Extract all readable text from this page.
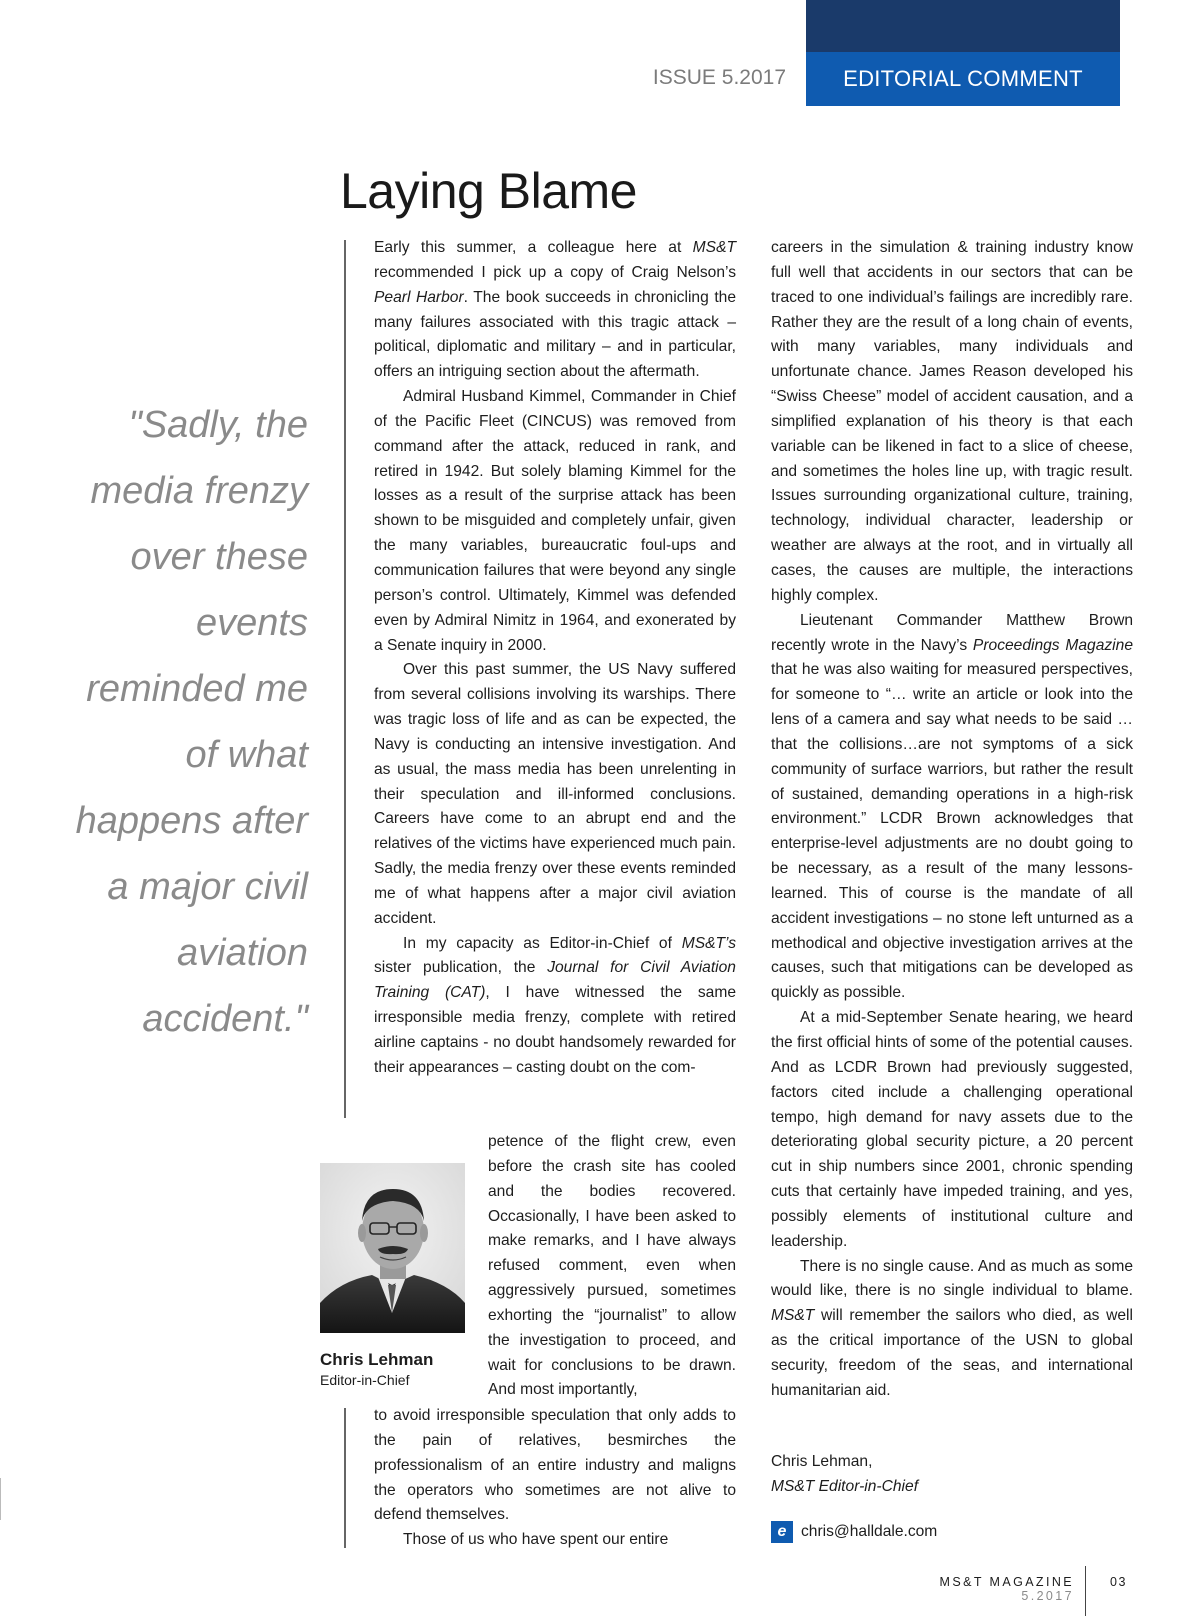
EDITORIAL COMMENT
ISSUE 5.2017
Laying Blame
"Sadly, the media frenzy over these events reminded me of what happens after a major civil aviation accident."

Early this summer, a colleague here at MS&T recommended I pick up a copy of Craig Nelson’s Pearl Harbor. The book succeeds in chronicling the many failures associated with this tragic attack – political, diplomatic and military – and in particular, offers an intriguing section about the aftermath.

Admiral Husband Kimmel, Commander in Chief of the Pacific Fleet (CINCUS) was removed from command after the attack, reduced in rank, and retired in 1942. But solely blaming Kimmel for the losses as a result of the surprise attack has been shown to be misguided and completely unfair, given the many variables, bureaucratic foul-ups and communication failures that were beyond any single person’s control. Ultimately, Kimmel was defended even by Admiral Nimitz in 1964, and exonerated by a Senate inquiry in 2000.

Over this past summer, the US Navy suffered from several collisions involving its warships. There was tragic loss of life and as can be expected, the Navy is conducting an intensive investigation. And as usual, the mass media has been unrelenting in their speculation and ill-informed conclusions. Careers have come to an abrupt end and the relatives of the victims have experienced much pain. Sadly, the media frenzy over these events reminded me of what happens after a major civil aviation accident.

In my capacity as Editor-in-Chief of MS&T’s sister publication, the Journal for Civil Aviation Training (CAT), I have witnessed the same irresponsible media frenzy, complete with retired airline captains - no doubt handsomely rewarded for their appearances – casting doubt on the com-

petence of the flight crew, even before the crash site has cooled and the bodies recovered. Occasionally, I have been asked to make remarks, and I have always refused comment, even when aggressively pursued, sometimes exhorting the “journalist” to allow the investigation to proceed, and wait for conclusions to be drawn. And most importantly,

Chris Lehman
Editor-in-Chief

to avoid irresponsible speculation that only adds to the pain of relatives, besmirches the professionalism of an entire industry and maligns the operators who sometimes are not alive to defend themselves.

Those of us who have spent our entire

careers in the simulation & training industry know full well that accidents in our sectors that can be traced to one individual’s failings are incredibly rare. Rather they are the result of a long chain of events, with many variables, many individuals and unfortunate chance. James Reason developed his “Swiss Cheese” model of accident causation, and a simplified explanation of his theory is that each variable can be likened in fact to a slice of cheese, and sometimes the holes line up, with tragic result. Issues surrounding organizational culture, training, technology, individual character, leadership or weather are always at the root, and in virtually all cases, the causes are multiple, the interactions highly complex.

Lieutenant Commander Matthew Brown recently wrote in the Navy’s Proceedings Magazine that he was also waiting for measured perspectives, for someone to “… write an article or look into the lens of a camera and say what needs to be said …that the collisions…are not symptoms of a sick community of surface warriors, but rather the result of sustained, demanding operations in a high-risk environment.” LCDR Brown acknowledges that enterprise-level adjustments are no doubt going to be necessary, as a result of the many lessons-learned. This of course is the mandate of all accident investigations – no stone left unturned as a methodical and objective investigation arrives at the causes, such that mitigations can be developed as quickly as possible.

At a mid-September Senate hearing, we heard the first official hints of some of the potential causes. And as LCDR Brown had previously suggested, factors cited include a challenging operational tempo, high demand for navy assets due to the deteriorating global security picture, a 20 percent cut in ship numbers since 2001, chronic spending cuts that certainly have impeded training, and yes, possibly elements of institutional culture and leadership.

There is no single cause. And as much as some would like, there is no single individual to blame. MS&T will remember the sailors who died, as well as the critical importance of the USN to global security, freedom of the seas, and international humanitarian aid.

Chris Lehman,
MS&T Editor-in-Chief
e chris@halldale.com
MS&T MAGAZINE 5.2017
03
